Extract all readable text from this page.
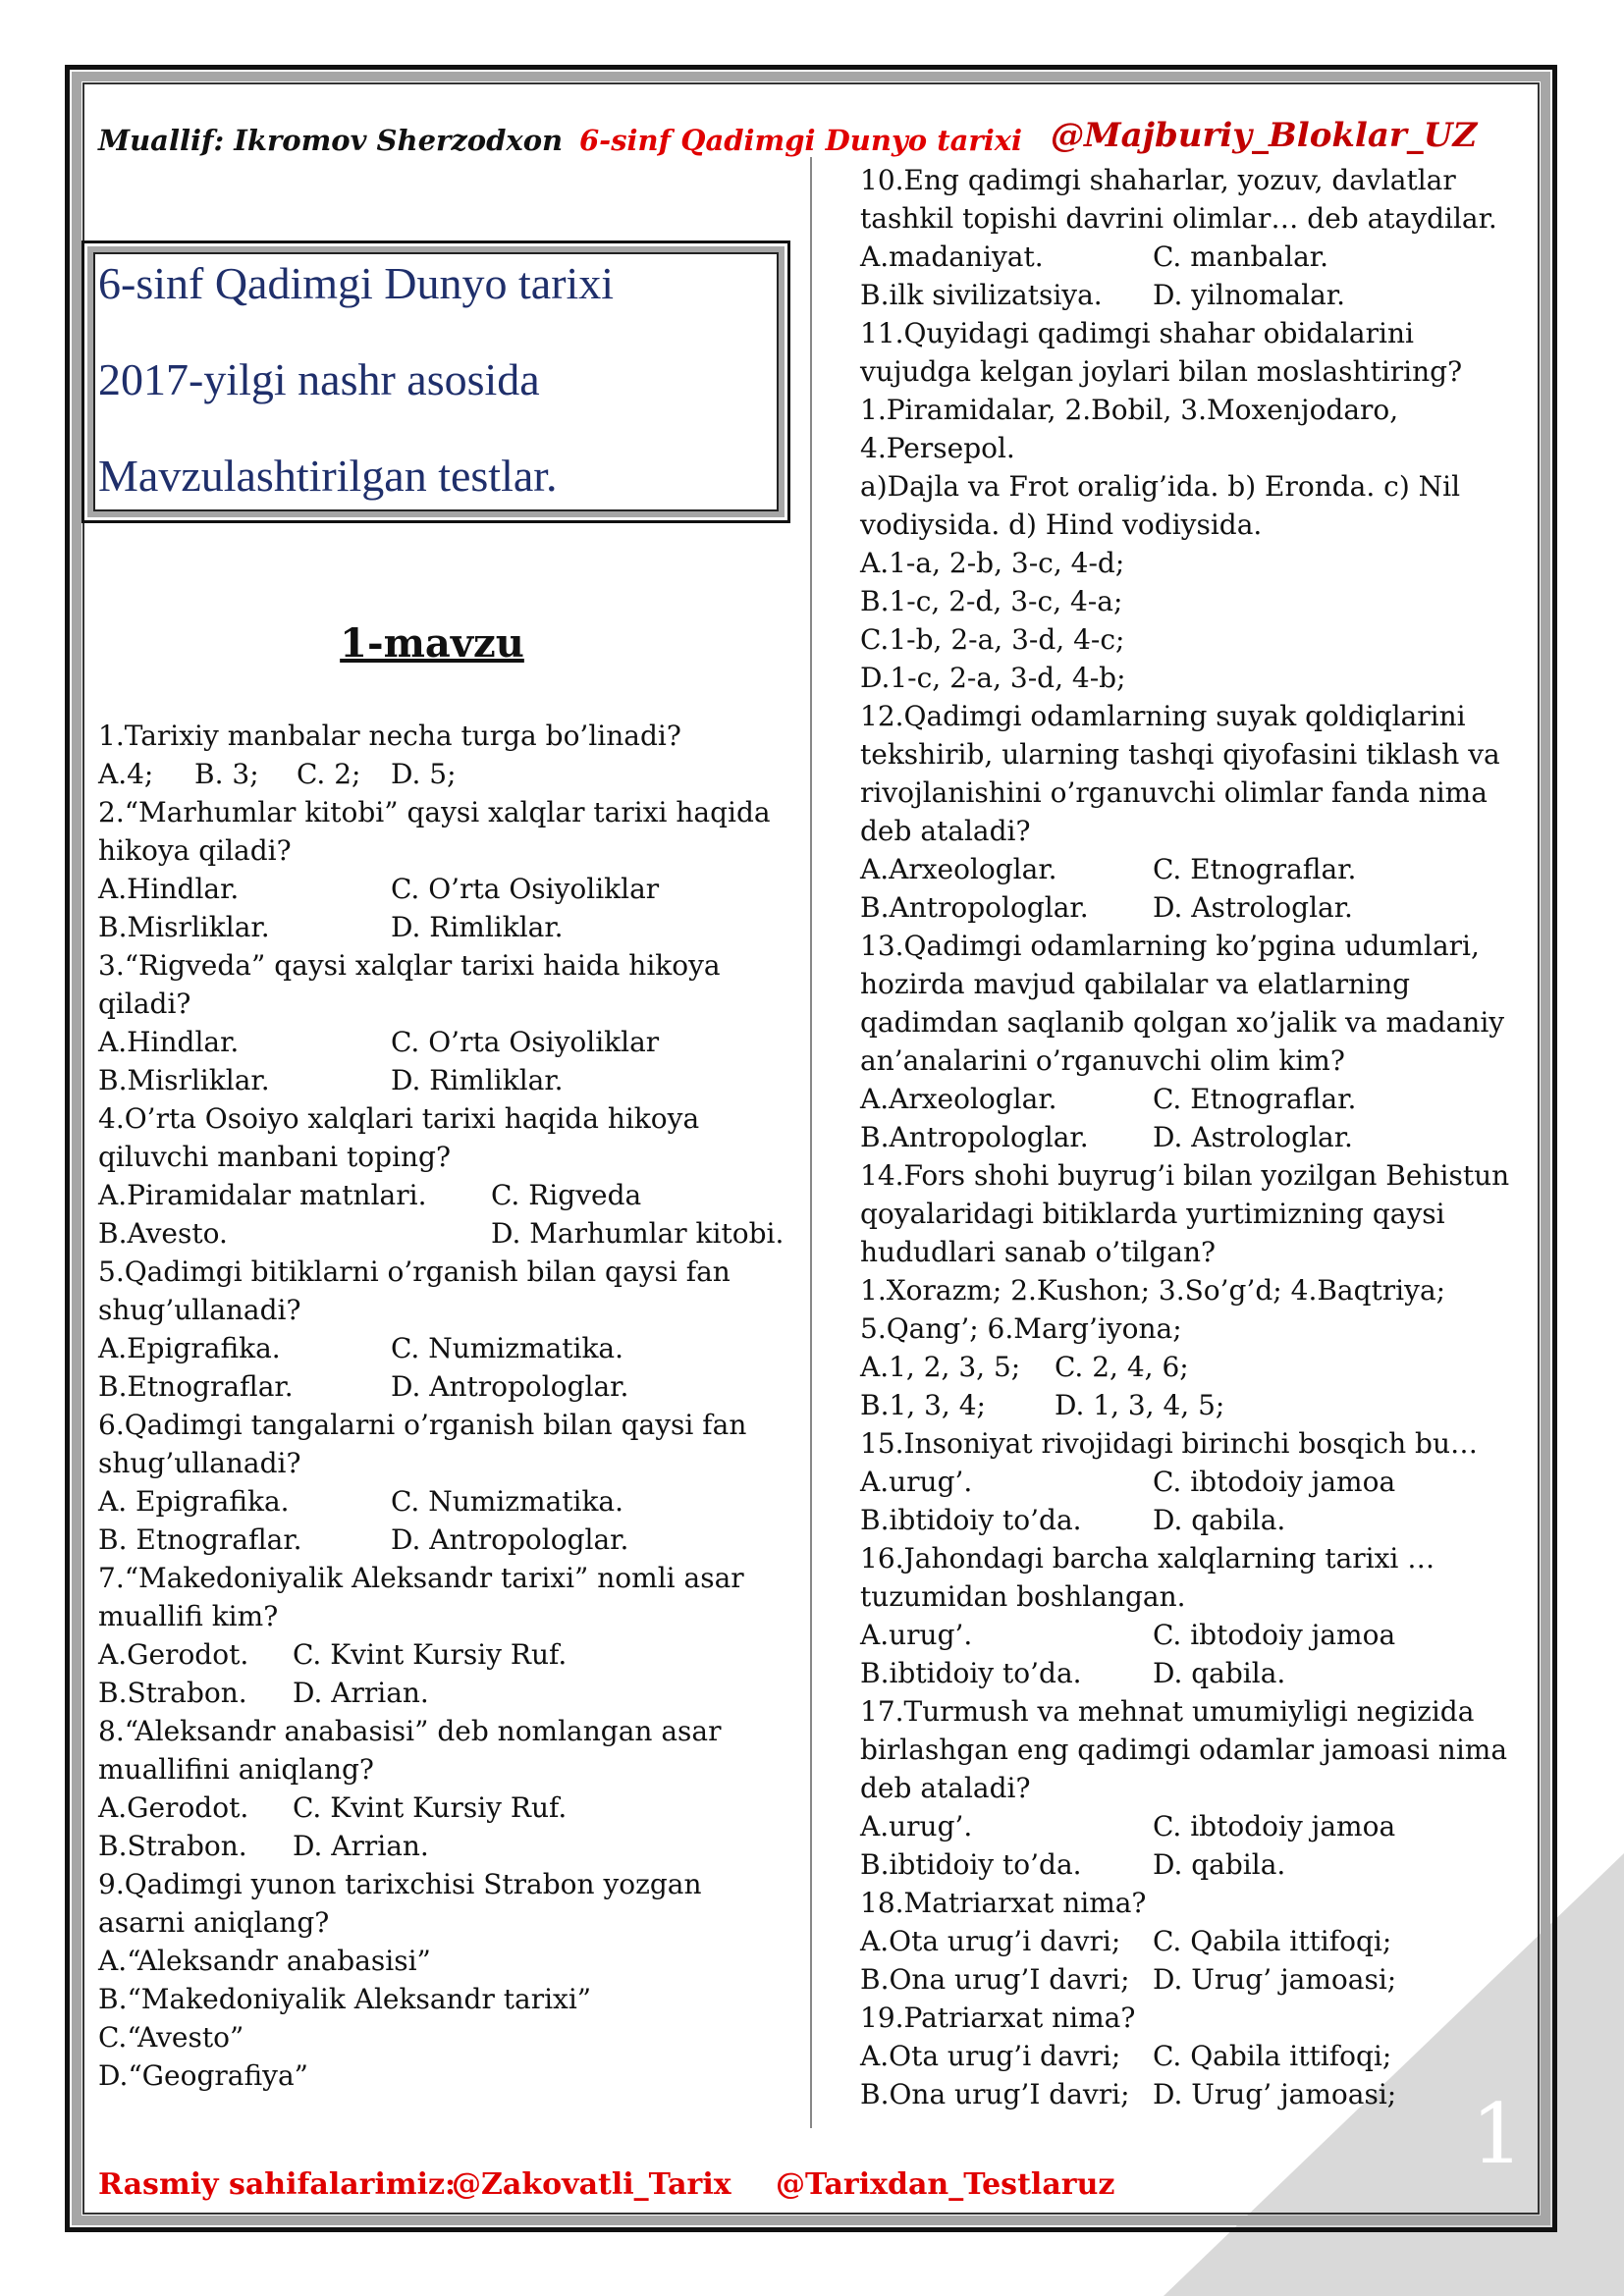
Muallif: Ikromov Sherzodxon 6-sinf Qadimgi Dunyo tarixi @Majburiy_Bloklar_UZ
6-sinf Qadimgi Dunyo tarixi
2017-yilgi nashr asosida
Mavzulashtirilgan testlar.
1-mavzu
1.Tarixiy manbalar necha turga bo’linadi?
A.4; B. 3; C. 2; D. 5;
2.“Marhumlar kitobi” qaysi xalqlar tarixi haqida hikoya qiladi?
A.Hindlar.	C. O’rta Osiyoliklar
B.Misrliklar.	D. Rimliklar.
3.“Rigveda” qaysi xalqlar tarixi haida hikoya qiladi?
A.Hindlar.	C. O’rta Osiyoliklar
B.Misrliklar.	D. Rimliklar.
4.O’rta Osoiyo xalqlari tarixi haqida hikoya qiluvchi manbani toping?
A.Piramidalar matnlari. C. Rigveda
B.Avesto.	D. Marhumlar kitobi.
5.Qadimgi bitiklarni o’rganish bilan qaysi fan shug’ullanadi?
A.Epigrafika.	C. Numizmatika.
B.Etnograflar.	D. Antropologlar.
6.Qadimgi tangalarni o’rganish bilan qaysi fan shug’ullanadi?
A. Epigrafika.	C. Numizmatika.
B. Etnograflar.	D. Antropologlar.
7.“Makedoniyalik Aleksandr tarixi” nomli asar muallifi kim?
A.Gerodot. C. Kvint Kursiy Ruf.
B.Strabon. D. Arrian.
8.“Aleksandr anabasisi” deb nomlangan asar muallifini aniqlang?
A.Gerodot. C. Kvint Kursiy Ruf.
B.Strabon. D. Arrian.
9.Qadimgi yunon tarixchisi Strabon yozgan asarni aniqlang?
A.“Aleksandr anabasisi”
B.“Makedoniyalik Aleksandr tarixi”
C.“Avesto”
D.“Geografiya”
10.Eng qadimgi shaharlar, yozuv, davlatlar tashkil topishi davrini olimlar… deb ataydilar.
A.madaniyat.	C. manbalar.
B.ilk sivilizatsiya. D. yilnomalar.
11.Quyidagi qadimgi shahar obidalarini vujudga kelgan joylari bilan moslashtiring?
1.Piramidalar, 2.Bobil, 3.Moxenjodaro, 4.Persepol.
a)Dajla va Frot oralig’ida. b) Eronda. c) Nil vodiysida. d) Hind vodiysida.
A.1-a, 2-b, 3-c, 4-d;
B.1-c, 2-d, 3-c, 4-a;
C.1-b, 2-a, 3-d, 4-c;
D.1-c, 2-a, 3-d, 4-b;
12.Qadimgi odamlarning suyak qoldiqlarini tekshirib, ularning tashqi qiyofasini tiklash va rivojlanishini o’rganuvchi olimlar fanda nima deb ataladi?
A.Arxeologlar.	C. Etnograflar.
B.Antropologlar. D. Astrologlar.
13.Qadimgi odamlarning ko’pgina udumlari, hozirda mavjud qabilalar va elatlarning qadimdan saqlanib qolgan xo’jalik va madaniy an’analarini o’rganuvchi olim kim?
A.Arxeologlar.	C. Etnograflar.
B.Antropologlar. D. Astrologlar.
14.Fors shohi buyrug’i bilan yozilgan Behistun qoyalaridagi bitiklarda yurtimizning qaysi hududlari sanab o’tilgan?
1.Xorazm; 2.Kushon; 3.So’g’d; 4.Baqtriya;
5.Qang’; 6.Marg’iyona;
A.1, 2, 3, 5; C. 2, 4, 6;
B.1, 3, 4;	D. 1, 3, 4, 5;
15.Insoniyat rivojidagi birinchi bosqich bu…
A.urug’.	C. ibtodoiy jamoa
B.ibtidoiy to’da.	D. qabila.
16.Jahondagi barcha xalqlarning tarixi … tuzumidan boshlangan.
A.urug’.	C. ibtodoiy jamoa
B.ibtidoiy to’da.	D. qabila.
17.Turmush va mehnat umumiyligi negizida birlashgan eng qadimgi odamlar jamoasi nima deb ataladi?
A.urug’.	C. ibtodoiy jamoa
B.ibtidoiy to’da.	D. qabila.
18.Matriarxat nima?
A.Ota urug’i davri; C. Qabila ittifoqi;
B.Ona urug’I davri; D. Urug’ jamoasi;
19.Patriarxat nima?
A.Ota urug’i davri; C. Qabila ittifoqi;
B.Ona urug’I davri; D. Urug’ jamoasi;
Rasmiy sahifalarimiz:
@Zakovatli_Tarix @Tarixdan_Testlaruz
1
